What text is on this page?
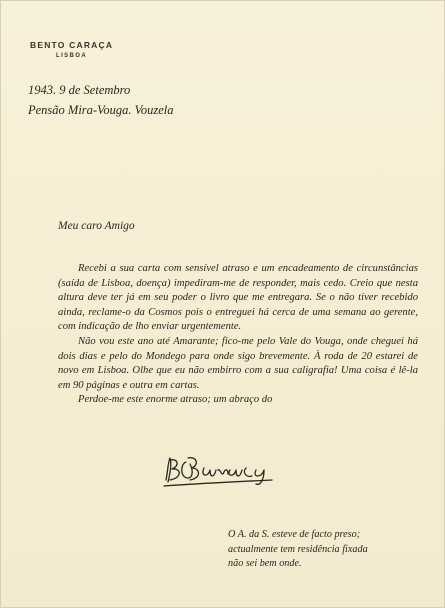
BENTO CARAÇA
LISBOA
1943. 9 de Setembro
Pensão Mira-Vouga. Vouzela
Meu caro Amigo

Recebi a sua carta com sensível atraso e um encadeamento de circunstâncias (saída de Lisboa, doença) impediram-me de responder, mais cedo. Creio que nesta altura deve ter já em seu poder o livro que me entregara. Se o não tiver recebido ainda, reclame-o da Cosmos pois o entreguei há cerca de uma semana ao gerente, com indicação de lho enviar urgentemente.

Não vou este ano até Amarante; fico-me pelo Vale do Vouga, onde cheguei há dois dias e pelo do Mondego para onde sigo brevemente. À roda de 20 estarei de novo em Lisboa. Olhe que eu não embirro com a sua caligrafia! Uma coisa é lê-la em 90 páginas e outra em cartas.

Perdoe-me este enorme atraso; um abraço do

O A. da S. esteve de facto preso;
actualmente tem residência fixada
não sei bem onde.
